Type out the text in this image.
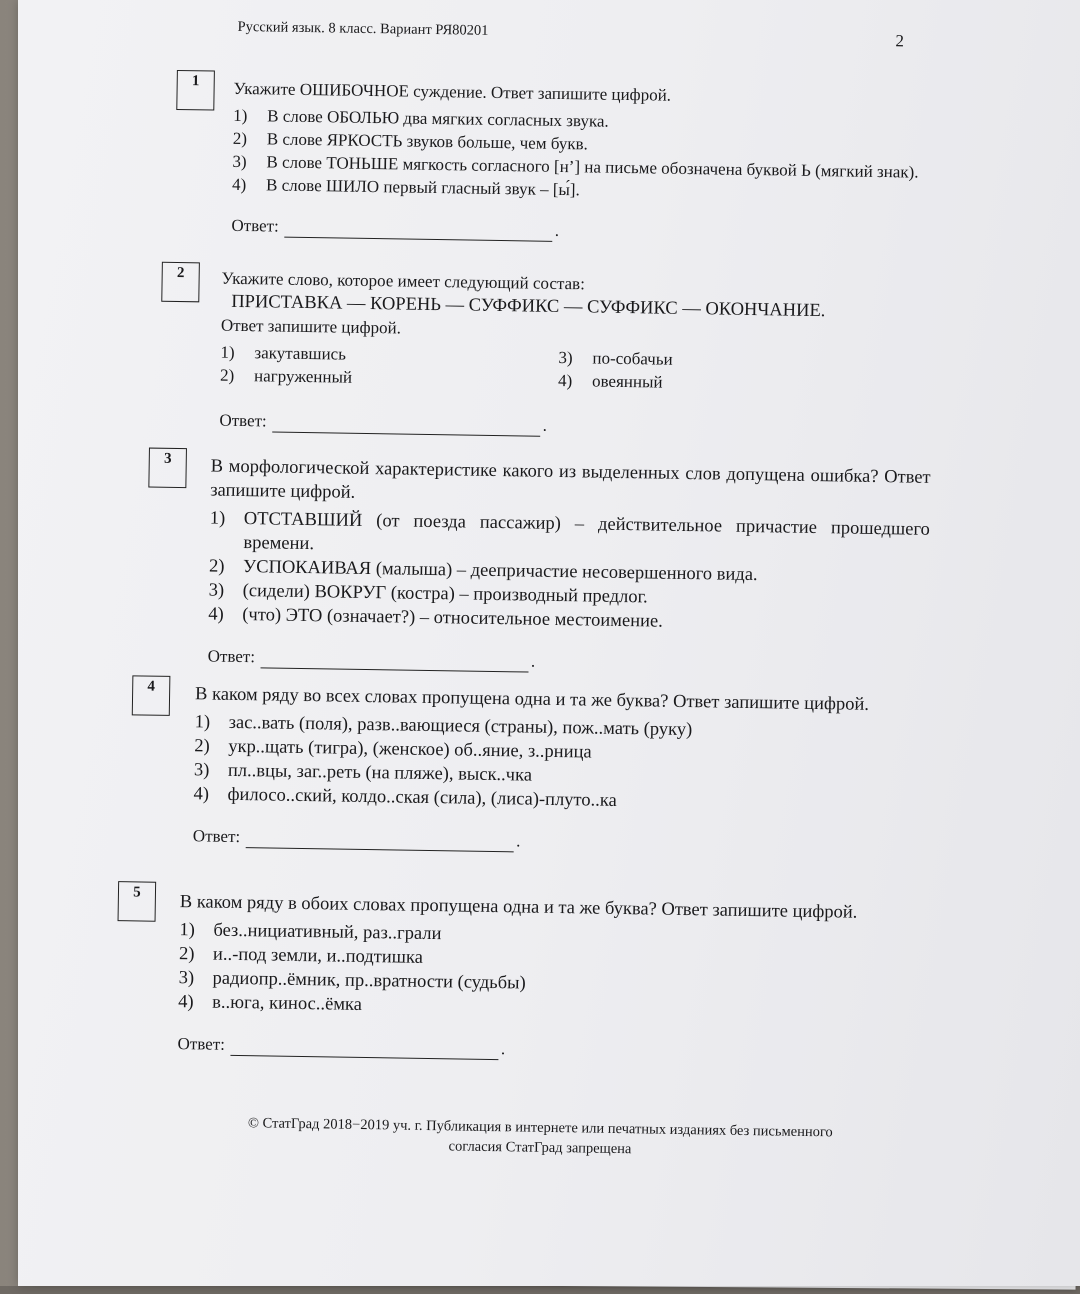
Русский язык. 8 класс. Вариант РЯ80201
2
1	Укажите ОШИБОЧНОЕ суждение. Ответ запишите цифрой.

1)	В слове ОБОЛЬЮ два мягких согласных звука.
2)	В слове ЯРКОСТЬ звуков больше, чем букв.
3)	В слове ТОНЬШЕ мягкость согласного [н’] на письме обозначена буквой Ь (мягкий знак).
4)	В слове ШИЛО первый гласный звук – [ы́].
Ответ:	.
2	Укажите слово, которое имеет следующий состав:

ПРИСТАВКА — КОРЕНЬ — СУФФИКС — СУФФИКС — ОКОНЧАНИЕ.

Ответ запишите цифрой.

1)	закутавшись
2)	нагруженный
3)	по-собачьи
4)	овеянный
Ответ:	.
3	В морфологической характеристике какого из выделенных слов допущена ошибка? Ответ запишите цифрой.

1) ОТСТАВШИЙ (от поезда пассажир) – действительное причастие прошедшего времени.
2) УСПОКАИВАЯ (малыша) – деепричастие несовершенного вида.
3) (сидели) ВОКРУГ (костра) – производный предлог.
4) (что) ЭТО (означает?) – относительное местоимение.
Ответ:	.
4	В каком ряду во всех словах пропущена одна и та же буква? Ответ запишите цифрой.

1) зас..вать (поля), разв..вающиеся (страны), пож..мать (руку)
2) укр..щать (тигра), (женское) об..яние, з..рница
3) пл..вцы, заг..реть (на пляже), выск..чка
4) филосо..ский, колдо..ская (сила), (лиса)-плуто..ка
Ответ:	.
5	В каком ряду в обоих словах пропущена одна и та же буква? Ответ запишите цифрой.

1) без..нициативный, раз..грали
2) и..-под земли, и..подтишка
3) радиопр..ёмник, пр..вратности (судьбы)
4) в..юга, кинос..ёмка
Ответ:	.
© СтатГрад 2018−2019 уч. г. Публикация в интернете или печатных изданиях без письменного
согласия СтатГрад запрещена
